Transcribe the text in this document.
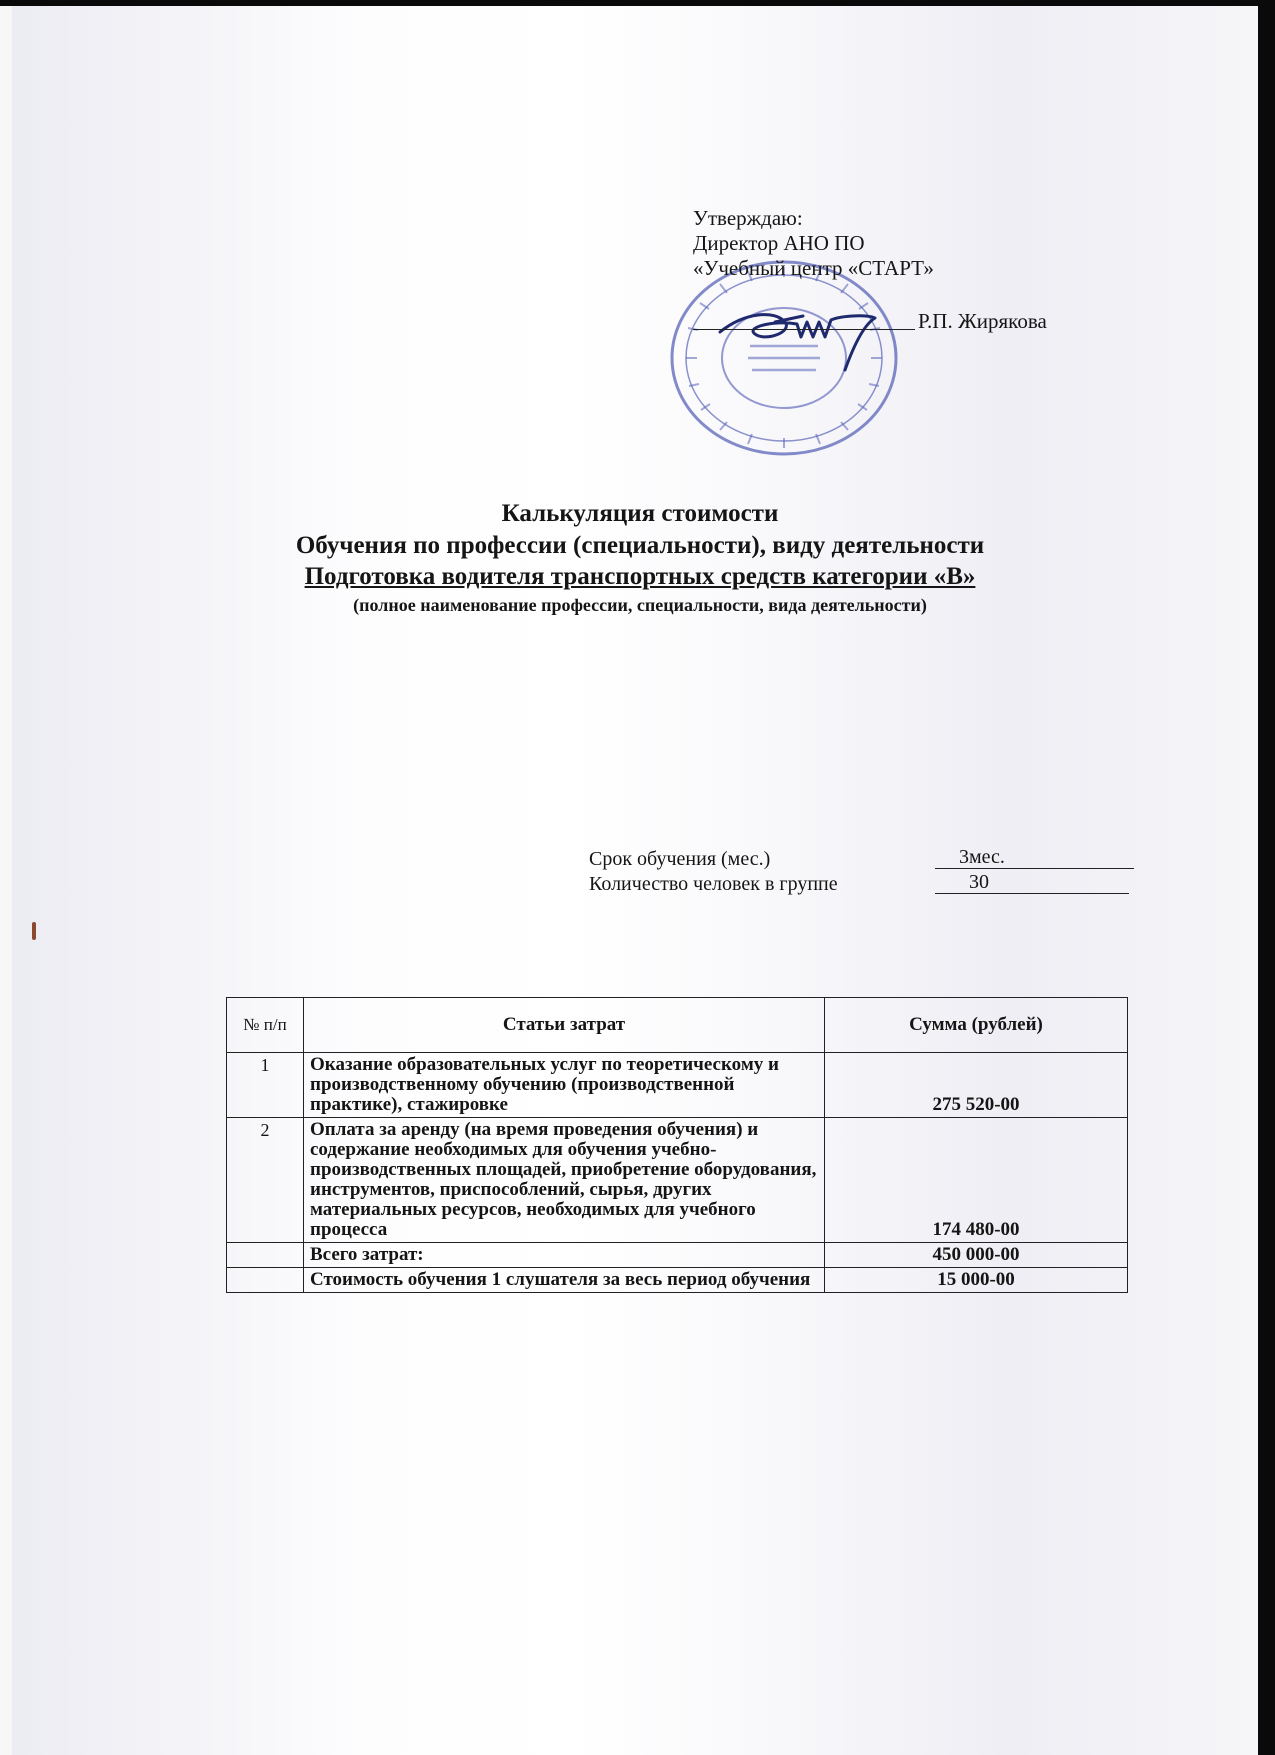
Утверждаю:
Директор АНО ПО
«Учебный центр «СТАРТ»
Р.П. Жирякова
Калькуляция стоимости
Обучения по профессии (специальности), виду деятельности
Подготовка водителя транспортных средств категории «В»
(полное наименование профессии, специальности, вида деятельности)
Срок обучения (мес.)	3мес.
Количество человек в группе	30
№ п/п	Статьи затрат	Сумма (рублей)
1	Оказание образовательных услуг по теоретическому и производственному обучению (производственной практике), стажировке	275 520-00
2	Оплата за аренду (на время проведения обучения) и содержание необходимых для обучения учебно-производственных площадей, приобретение оборудования, инструментов, приспособлений, сырья, других материальных ресурсов, необходимых для учебного процесса	174 480-00
	Всего затрат:	450 000-00
	Стоимость обучения 1 слушателя за весь период обучения	15 000-00
